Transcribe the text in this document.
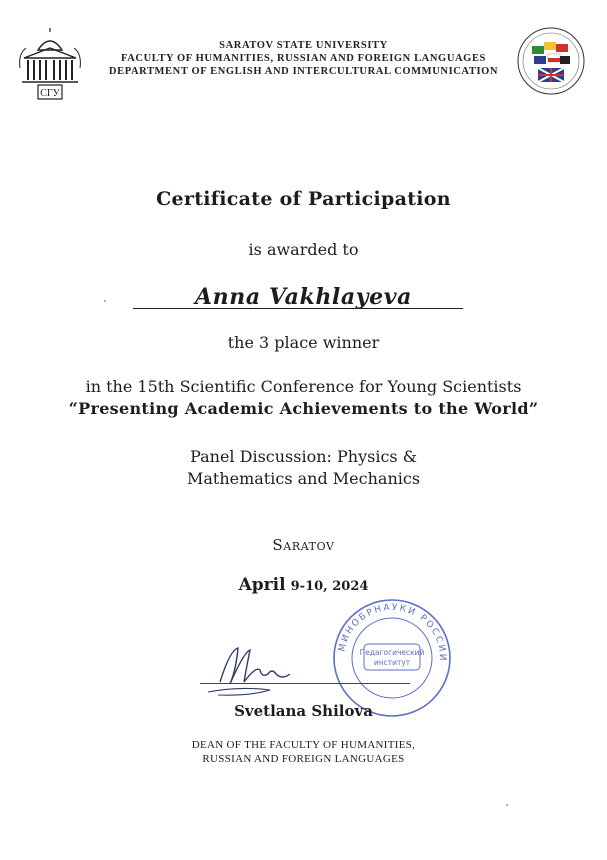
СГУ
SARATOV STATE UNIVERSITY
FACULTY OF HUMANITIES, RUSSIAN AND FOREIGN LANGUAGES
DEPARTMENT OF ENGLISH AND INTERCULTURAL COMMUNICATION
Certificate of Participation
is awarded to
Anna Vakhlayeva
the 3 place winner
in the 15th Scientific Conference for Young Scientists
“Presenting Academic Achievements to the World”
Panel Discussion: Physics &
Mathematics and Mechanics
Saratov
April 9-10, 2024
МИНОБРНАУКИ РОССИИ
Педагогический
институт
Svetlana Shilova
DEAN OF THE FACULTY OF HUMANITIES,
RUSSIAN AND FOREIGN LANGUAGES
